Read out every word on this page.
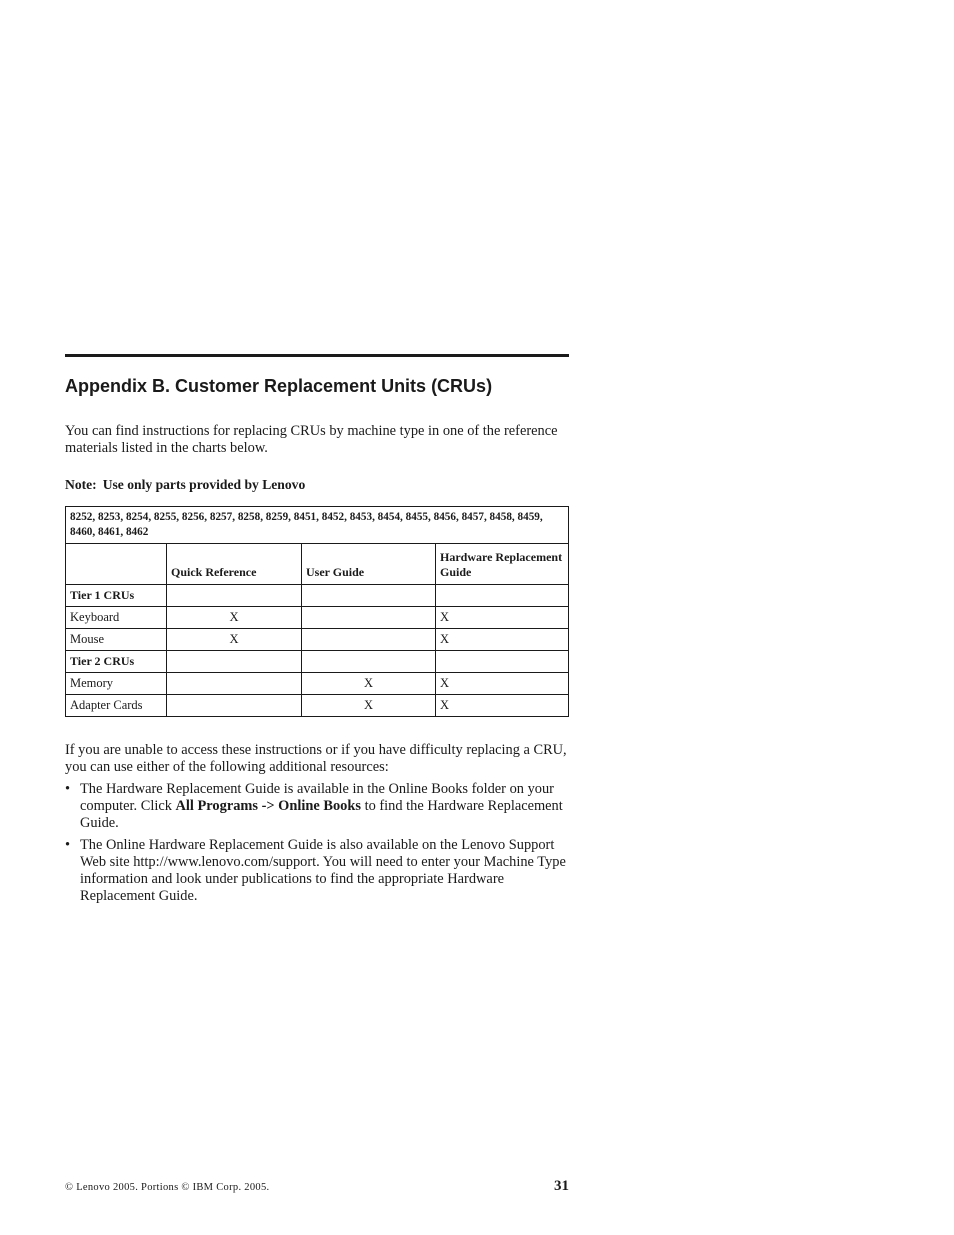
Appendix B. Customer Replacement Units (CRUs)

You can find instructions for replacing CRUs by machine type in one of the reference materials listed in the charts below.

Note: Use only parts provided by Lenovo

8252, 8253, 8254, 8255, 8256, 8257, 8258, 8259, 8451, 8452, 8453, 8454, 8455, 8456, 8457, 8458, 8459, 8460, 8461, 8462			
	Quick Reference	User Guide	Hardware Replacement Guide
Tier 1 CRUs			
Keyboard	X		X
Mouse	X		X
Tier 2 CRUs			
Memory		X	X
Adapter Cards		X	X

If you are unable to access these instructions or if you have difficulty replacing a CRU, you can use either of the following additional resources:

• The Hardware Replacement Guide is available in the Online Books folder on your computer. Click All Programs -> Online Books to find the Hardware Replacement Guide.
• The Online Hardware Replacement Guide is also available on the Lenovo Support Web site http://www.lenovo.com/support. You will need to enter your Machine Type information and look under publications to find the appropriate Hardware Replacement Guide.

© Lenovo 2005. Portions © IBM Corp. 2005.	31
